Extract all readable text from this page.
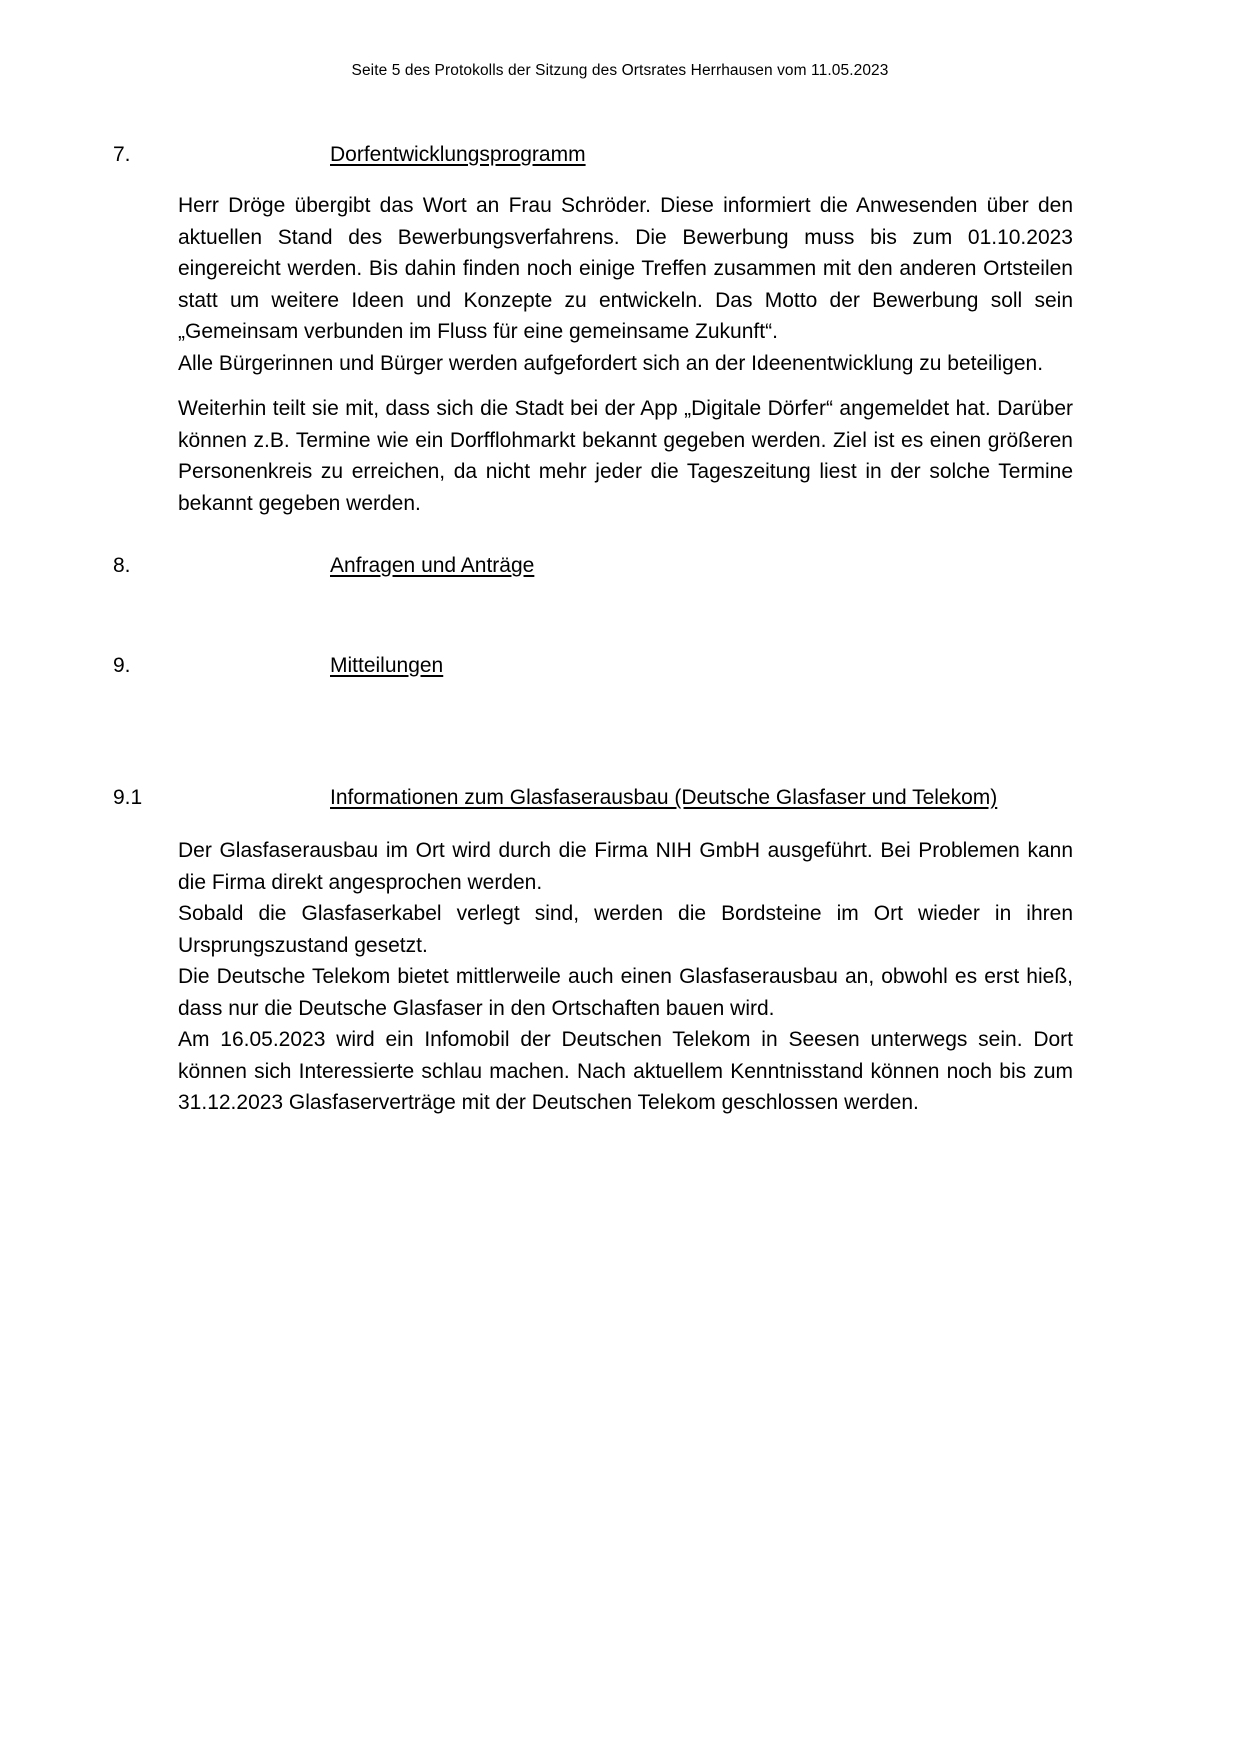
Seite 5 des Protokolls der Sitzung des Ortsrates Herrhausen vom 11.05.2023
7.	Dorfentwicklungsprogramm

Herr Dröge übergibt das Wort an Frau Schröder. Diese informiert die Anwesenden über den aktuellen Stand des Bewerbungsverfahrens. Die Bewerbung muss bis zum 01.10.2023 eingereicht werden. Bis dahin finden noch einige Treffen zusammen mit den anderen Ortsteilen statt um weitere Ideen und Konzepte zu entwickeln. Das Motto der Bewerbung soll sein „Gemeinsam verbunden im Fluss für eine gemeinsame Zukunft“.

Alle Bürgerinnen und Bürger werden aufgefordert sich an der Ideenentwicklung zu beteiligen.

Weiterhin teilt sie mit, dass sich die Stadt bei der App „Digitale Dörfer“ angemeldet hat. Darüber können z.B. Termine wie ein Dorfflohmarkt bekannt gegeben werden. Ziel ist es einen größeren Personenkreis zu erreichen, da nicht mehr jeder die Tageszeitung liest in der solche Termine bekannt gegeben werden.

8.	Anfragen und Anträge
9.	Mitteilungen
9.1	Informationen zum Glasfaserausbau (Deutsche Glasfaser und Telekom)

Der Glasfaserausbau im Ort wird durch die Firma NIH GmbH ausgeführt. Bei Problemen kann die Firma direkt angesprochen werden.

Sobald die Glasfaserkabel verlegt sind, werden die Bordsteine im Ort wieder in ihren Ursprungszustand gesetzt.

Die Deutsche Telekom bietet mittlerweile auch einen Glasfaserausbau an, obwohl es erst hieß, dass nur die Deutsche Glasfaser in den Ortschaften bauen wird.

Am 16.05.2023 wird ein Infomobil der Deutschen Telekom in Seesen unterwegs sein. Dort können sich Interessierte schlau machen. Nach aktuellem Kenntnisstand können noch bis zum 31.12.2023 Glasfaserverträge mit der Deutschen Telekom geschlossen werden.
